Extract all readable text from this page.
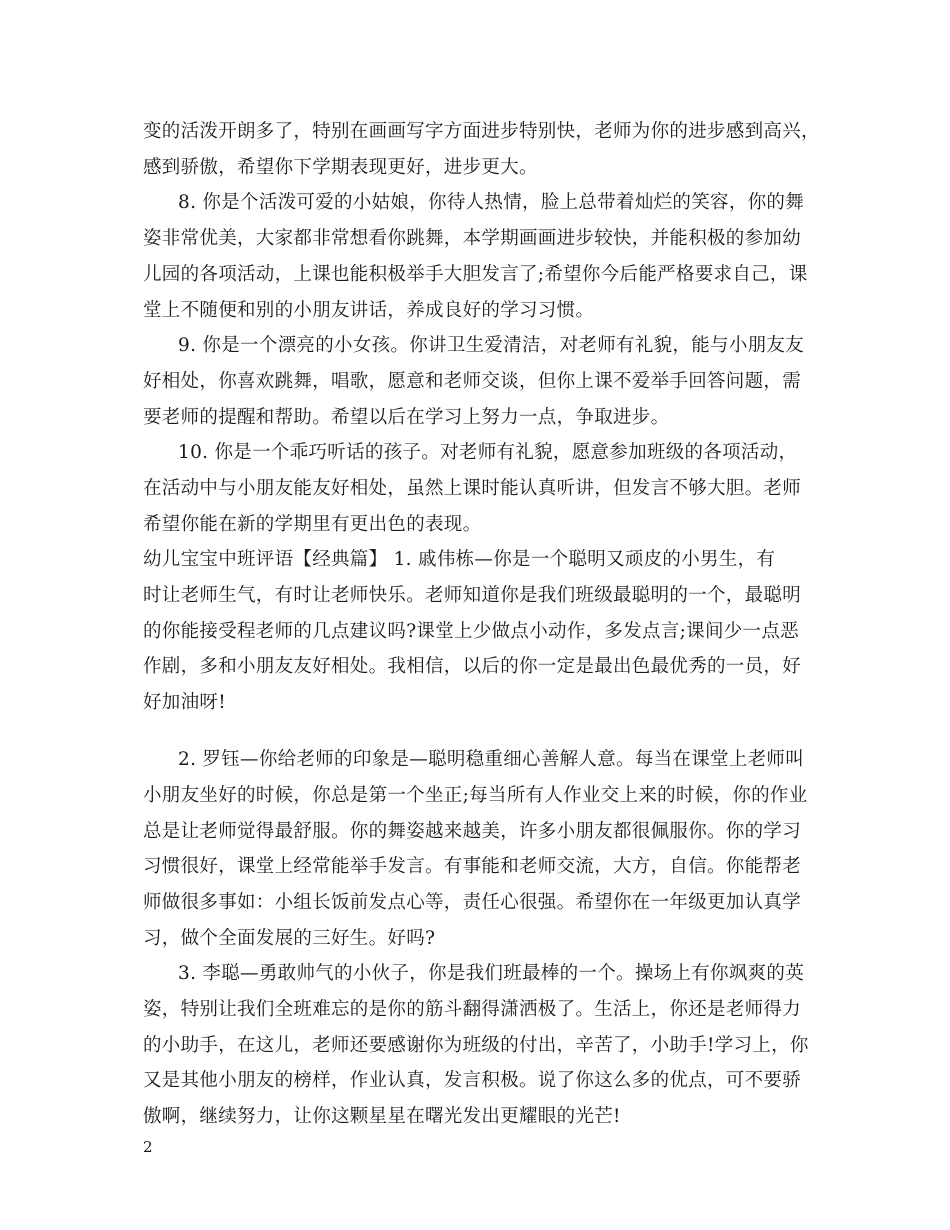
变的活泼开朗多了，特别在画画写字方面进步特别快，老师为你的进步感到高兴，
感到骄傲，希望你下学期表现更好，进步更大。
8. 你是个活泼可爱的小姑娘，你待人热情，脸上总带着灿烂的笑容，你的舞
姿非常优美，大家都非常想看你跳舞，本学期画画进步较快，并能积极的参加幼
儿园的各项活动，上课也能积极举手大胆发言了;希望你今后能严格要求自己，课
堂上不随便和别的小朋友讲话，养成良好的学习习惯。
9. 你是一个漂亮的小女孩。你讲卫生爱清洁，对老师有礼貌，能与小朋友友
好相处，你喜欢跳舞，唱歌，愿意和老师交谈，但你上课不爱举手回答问题，需
要老师的提醒和帮助。希望以后在学习上努力一点，争取进步。
10. 你是一个乖巧听话的孩子。对老师有礼貌，愿意参加班级的各项活动，
在活动中与小朋友能友好相处，虽然上课时能认真听讲，但发言不够大胆。老师
希望你能在新的学期里有更出色的表现。
幼儿宝宝中班评语【经典篇】 1. 戚伟栋—你是一个聪明又顽皮的小男生，有
时让老师生气，有时让老师快乐。老师知道你是我们班级最聪明的一个，最聪明
的你能接受程老师的几点建议吗?课堂上少做点小动作，多发点言;课间少一点恶
作剧，多和小朋友友好相处。我相信，以后的你一定是最出色最优秀的一员，好
好加油呀!
2. 罗钰—你给老师的印象是—聪明稳重细心善解人意。每当在课堂上老师叫
小朋友坐好的时候，你总是第一个坐正;每当所有人作业交上来的时候，你的作业
总是让老师觉得最舒服。你的舞姿越来越美，许多小朋友都很佩服你。你的学习
习惯很好，课堂上经常能举手发言。有事能和老师交流，大方，自信。你能帮老
师做很多事如：小组长饭前发点心等，责任心很强。希望你在一年级更加认真学
习，做个全面发展的三好生。好吗?
3. 李聪—勇敢帅气的小伙子，你是我们班最棒的一个。操场上有你飒爽的英
姿，特别让我们全班难忘的是你的筋斗翻得潇洒极了。生活上，你还是老师得力
的小助手，在这儿，老师还要感谢你为班级的付出，辛苦了，小助手!学习上，你
又是其他小朋友的榜样，作业认真，发言积极。说了你这么多的优点，可不要骄
傲啊，继续努力，让你这颗星星在曙光发出更耀眼的光芒!
2
